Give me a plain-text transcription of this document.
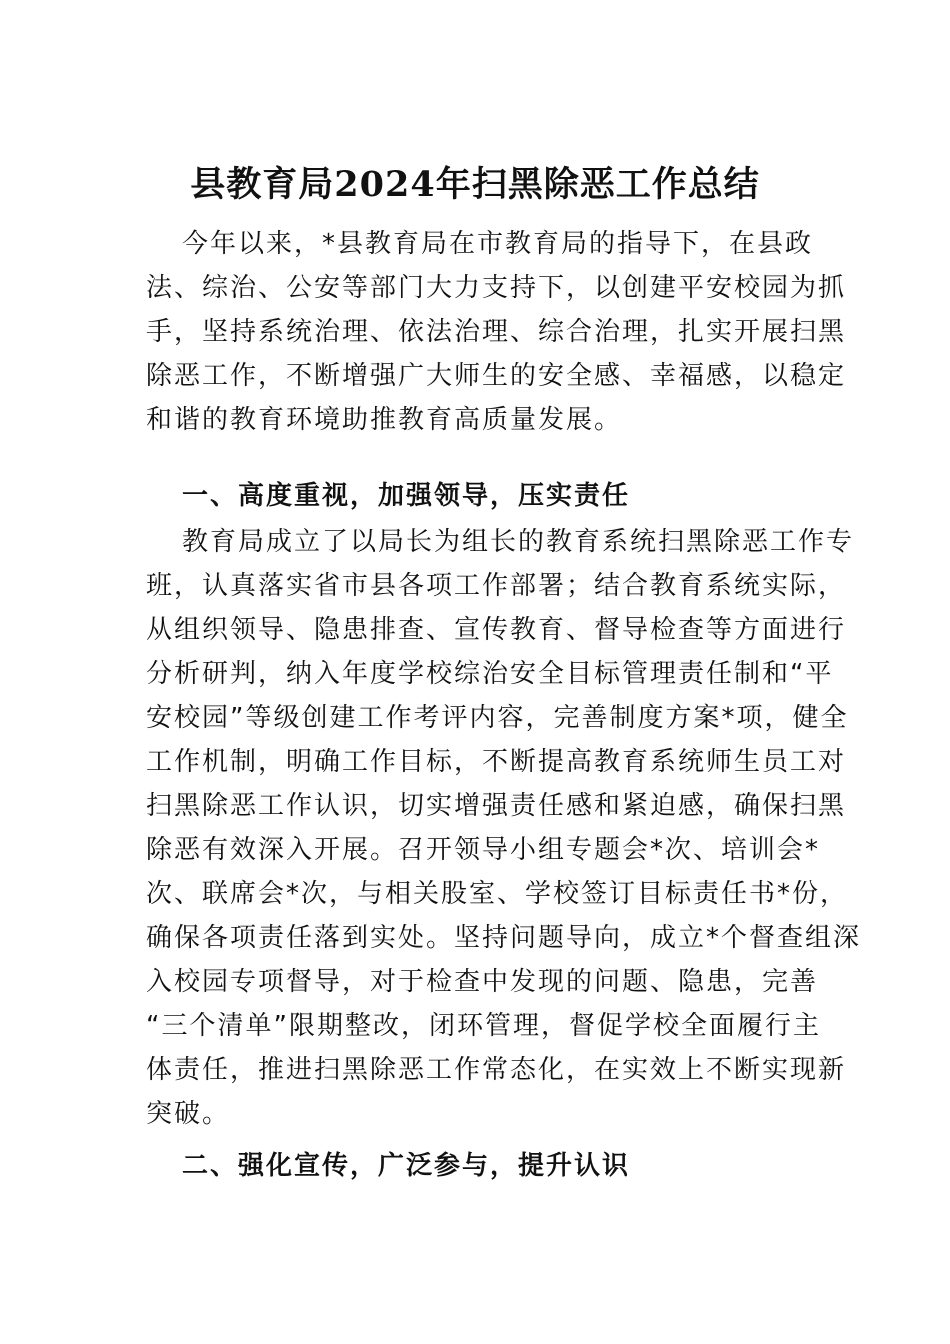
县教育局2024年扫黑除恶工作总结
今年以来，*县教育局在市教育局的指导下，在县政
法、综治、公安等部门大力支持下，以创建平安校园为抓
手，坚持系统治理、依法治理、综合治理，扎实开展扫黑
除恶工作，不断增强广大师生的安全感、幸福感，以稳定
和谐的教育环境助推教育高质量发展。
一、高度重视，加强领导，压实责任
教育局成立了以局长为组长的教育系统扫黑除恶工作专
班，认真落实省市县各项工作部署；结合教育系统实际，
从组织领导、隐患排查、宣传教育、督导检查等方面进行
分析研判，纳入年度学校综治安全目标管理责任制和“平
安校园”等级创建工作考评内容，完善制度方案*项，健全
工作机制，明确工作目标，不断提高教育系统师生员工对
扫黑除恶工作认识，切实增强责任感和紧迫感，确保扫黑
除恶有效深入开展。召开领导小组专题会*次、培训会*
次、联席会*次，与相关股室、学校签订目标责任书*份，
确保各项责任落到实处。坚持问题导向，成立*个督查组深
入校园专项督导，对于检查中发现的问题、隐患，完善
“三个清单”限期整改，闭环管理，督促学校全面履行主
体责任，推进扫黑除恶工作常态化，在实效上不断实现新
突破。
二、强化宣传，广泛参与，提升认识
